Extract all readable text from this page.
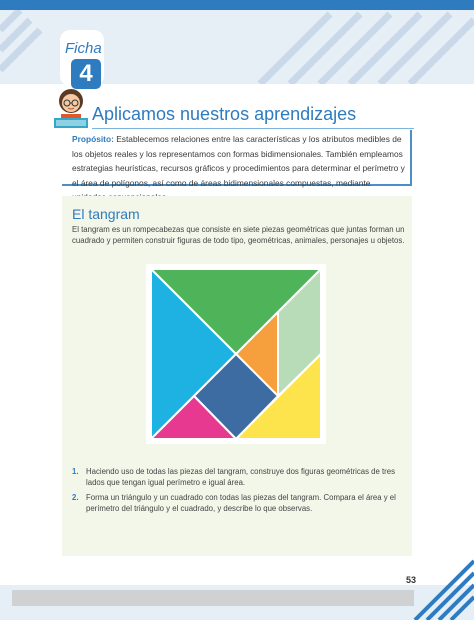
Ficha
4
Aplicamos nuestros aprendizajes
Propósito: Establecemos relaciones entre las características y los atributos medibles de los objetos reales y los representamos con formas bidimensionales. También empleamos estrategias heurísticas, recursos gráficos y procedimientos para determinar el perímetro y el área de polígonos, así como de áreas bidimensionales compuestas, mediante
El tangram
El tangram es un rompecabezas que consiste en siete piezas geométricas que juntas forman un cuadrado y permiten construir figuras de todo tipo, geométricas, animales, personajes u objetos.
1. Haciendo uso de todas las piezas del tangram, construye dos figuras geométricas de tres lados que tengan igual perímetro e igual área.
2. Forma un triángulo y un cuadrado con todas las piezas del tangram. Compara el área y el perímetro del triángulo y el cuadrado, y describe lo que observas.
53
